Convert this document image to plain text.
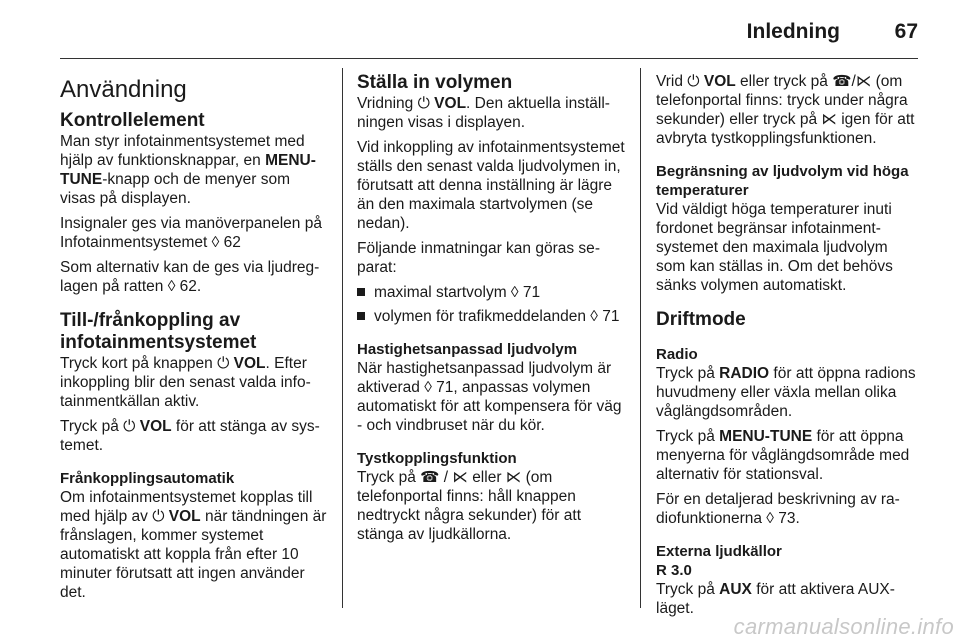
Inledning	67
Användning
Kontrollelement

Man styr infotainmentsystemet med hjälp av funktionsknappar, en MENU-TUNE-knapp och de menyer som visas på displayen.

Insignaler ges via manöverpanelen på Infotainmentsystemet ◊ 62

Som alternativ kan de ges via ljudreglagen på ratten ◊ 62.

Till-/frånkoppling av
infotainmentsystemet

Tryck kort på knappen ⏻ VOL. Efter inkoppling blir den senast valda infotainmentkällan aktiv.

Tryck på ⏻ VOL för att stänga av systemet.

Frånkopplingsautomatik

Om infotainmentsystemet kopplas till med hjälp av ⏻ VOL när tändningen är frånslagen, kommer systemet automatiskt att koppla från efter 10 minuter förutsatt att ingen använder det.

Ställa in volymen

Vridning ⏻ VOL. Den aktuella inställningen visas i displayen.

Vid inkoppling av infotainmentsystemet ställs den senast valda ljudvolymen in, förutsatt att denna inställning är lägre än den maximala startvolymen (se nedan).

Följande inmatningar kan göras separat:

maximal startvolym ◊ 71
volymen för trafikmeddelanden ◊ 71
Hastighetsanpassad ljudvolym

När hastighetsanpassad ljudvolym är aktiverad ◊ 71, anpassas volymen automatiskt för att kompensera för väg - och vindbruset när du kör.

Tystkopplingsfunktion

Tryck på ☎ / ⋉ eller ⋉ (om telefonportal finns: håll knappen nedtryckt några sekunder) för att stänga av ljudkällorna.

Vrid ⏻ VOL eller tryck på ☎/⋉ (om telefonportal finns: tryck under några sekunder) eller tryck på ⋉ igen för att avbryta tystkopplingsfunktionen.

Begränsning av ljudvolym vid höga temperaturer

Vid väldigt höga temperaturer inuti fordonet begränsar infotainmentsystemet den maximala ljudvolym som kan ställas in. Om det behövs sänks volymen automatiskt.

Driftmode
Radio

Tryck på RADIO för att öppna radions huvudmeny eller växla mellan olika våglängdsområden.

Tryck på MENU-TUNE för att öppna menyerna för våglängdsområde med alternativ för stationsval.

För en detaljerad beskrivning av radiofunktionerna ◊ 73.

Externa ljudkällor
R 3.0

Tryck på AUX för att aktivera AUX-läget.

carmanualsonline.info
